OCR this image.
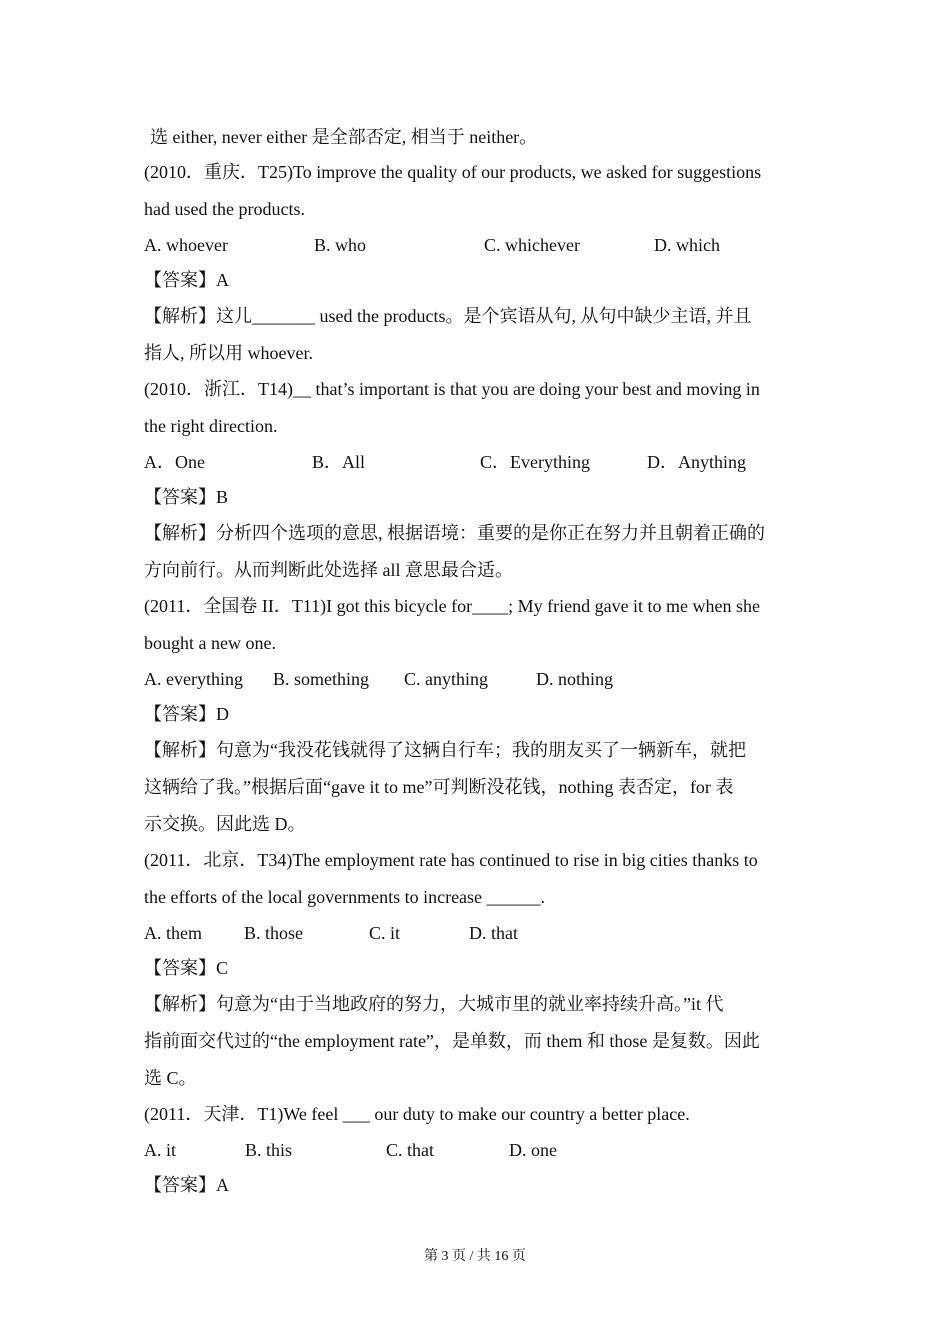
选 either, never either 是全部否定, 相当于 neither。
(2010．重庆．T25)To improve the quality of our products, we asked for suggestions
had used the products.
A. whoever	B. who	C. whichever	D. which
【答案】A
【解析】这儿_______ used the products。是个宾语从句, 从句中缺少主语, 并且
指人, 所以用 whoever.
(2010．浙江．T14)__ that’s important is that you are doing your best and moving in
the right direction.
A．One	B．All	C．Everything	D．Anything
【答案】B
【解析】分析四个选项的意思, 根据语境：重要的是你正在努力并且朝着正确的
方向前行。从而判断此处选择 all 意思最合适。
(2011．全国卷 II．T11)I got this bicycle for____; My friend gave it to me when she
bought a new one.
A. everything B. something C. anything	D. nothing
【答案】D
【解析】句意为“我没花钱就得了这辆自行车；我的朋友买了一辆新车，就把
这辆给了我。”根据后面“gave it to me”可判断没花钱，nothing 表否定，for 表
示交换。因此选 D。
(2011．北京．T34)The employment rate has continued to rise in big cities thanks to
the efforts of the local governments to increase ______.
A. them B. those	C. it	D. that
【答案】C
【解析】句意为“由于当地政府的努力，大城市里的就业率持续升高。”it 代
指前面交代过的“the employment rate”，是单数，而 them 和 those 是复数。因此
选 C。
(2011．天津．T1)We feel ___ our duty to make our country a better place.
A. it	B. this	C. that	D. one
【答案】A
第 3 页 / 共 16 页
